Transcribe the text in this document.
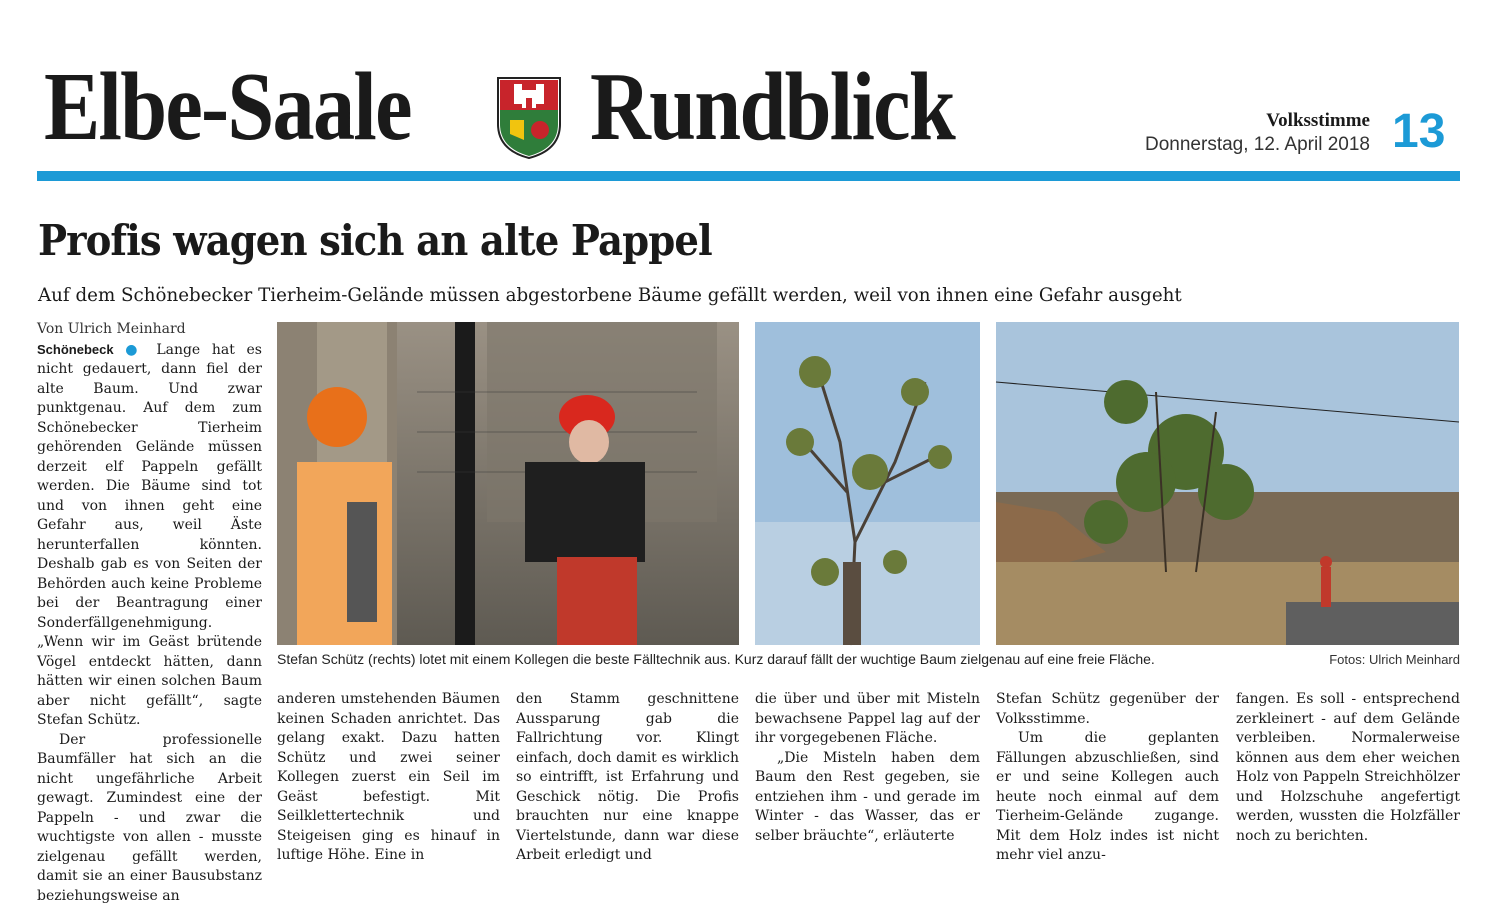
Elbe-Saale Rundblick	Volksstimme
Donnerstag, 12. April 2018 13
Profis wagen sich an alte Pappel
Auf dem Schönebecker Tierheim-Gelände müssen abgestorbene Bäume gefällt werden, weil von ihnen eine Gefahr ausgeht
Von Ulrich Meinhard

Schönebeck ● Lange hat es nicht gedauert, dann fiel der alte Baum. Und zwar punktgenau. Auf dem zum Schönebecker Tierheim gehörenden Gelände müssen derzeit elf Pappeln gefällt werden. Die Bäume sind tot und von ihnen geht eine Gefahr aus, weil Äste herunterfallen könnten. Deshalb gab es von Seiten der Behörden auch keine Probleme bei der Beantragung einer Sonderfällgenehmigung. „Wenn wir im Geäst brütende Vögel entdeckt hätten, dann hätten wir einen solchen Baum aber nicht gefällt“, sagte Stefan Schütz.

Der professionelle Baumfäller hat sich an die nicht ungefährliche Arbeit gewagt. Zumindest eine der Pappeln - und zwar die wuchtigste von allen - musste zielgenau gefällt werden, damit sie an einer Bausubstanz beziehungsweise an

Stefan Schütz (rechts) lotet mit einem Kollegen die beste Fälltechnik aus. Kurz darauf fällt der wuchtige Baum zielgenau auf eine freie Fläche.	Fotos: Ulrich Meinhard

anderen umstehenden Bäumen keinen Schaden anrichtet. Das gelang exakt. Dazu hatten Schütz und zwei seiner Kollegen zuerst ein Seil im Geäst befestigt. Mit Seilklettertechnik und Steigeisen ging es hinauf in luftige Höhe. Eine in

den Stamm geschnittene Aussparung gab die Fallrichtung vor. Klingt einfach, doch damit es wirklich so eintrifft, ist Erfahrung und Geschick nötig. Die Profis brauchten nur eine knappe Viertelstunde, dann war diese Arbeit erledigt und

die über und über mit Misteln bewachsene Pappel lag auf der ihr vorgegebenen Fläche.

„Die Misteln haben dem Baum den Rest gegeben, sie entziehen ihm - und gerade im Winter - das Wasser, das er selber bräuchte“, erläuterte

Stefan Schütz gegenüber der Volksstimme.

Um die geplanten Fällungen abzuschließen, sind er und seine Kollegen auch heute noch einmal auf dem Tierheim-Gelände zugange. Mit dem Holz indes ist nicht mehr viel anzu-

fangen. Es soll - entsprechend zerkleinert - auf dem Gelände verbleiben. Normalerweise können aus dem eher weichen Holz von Pappeln Streichhölzer und Holzschuhe angefertigt werden, wussten die Holzfäller noch zu berichten.
